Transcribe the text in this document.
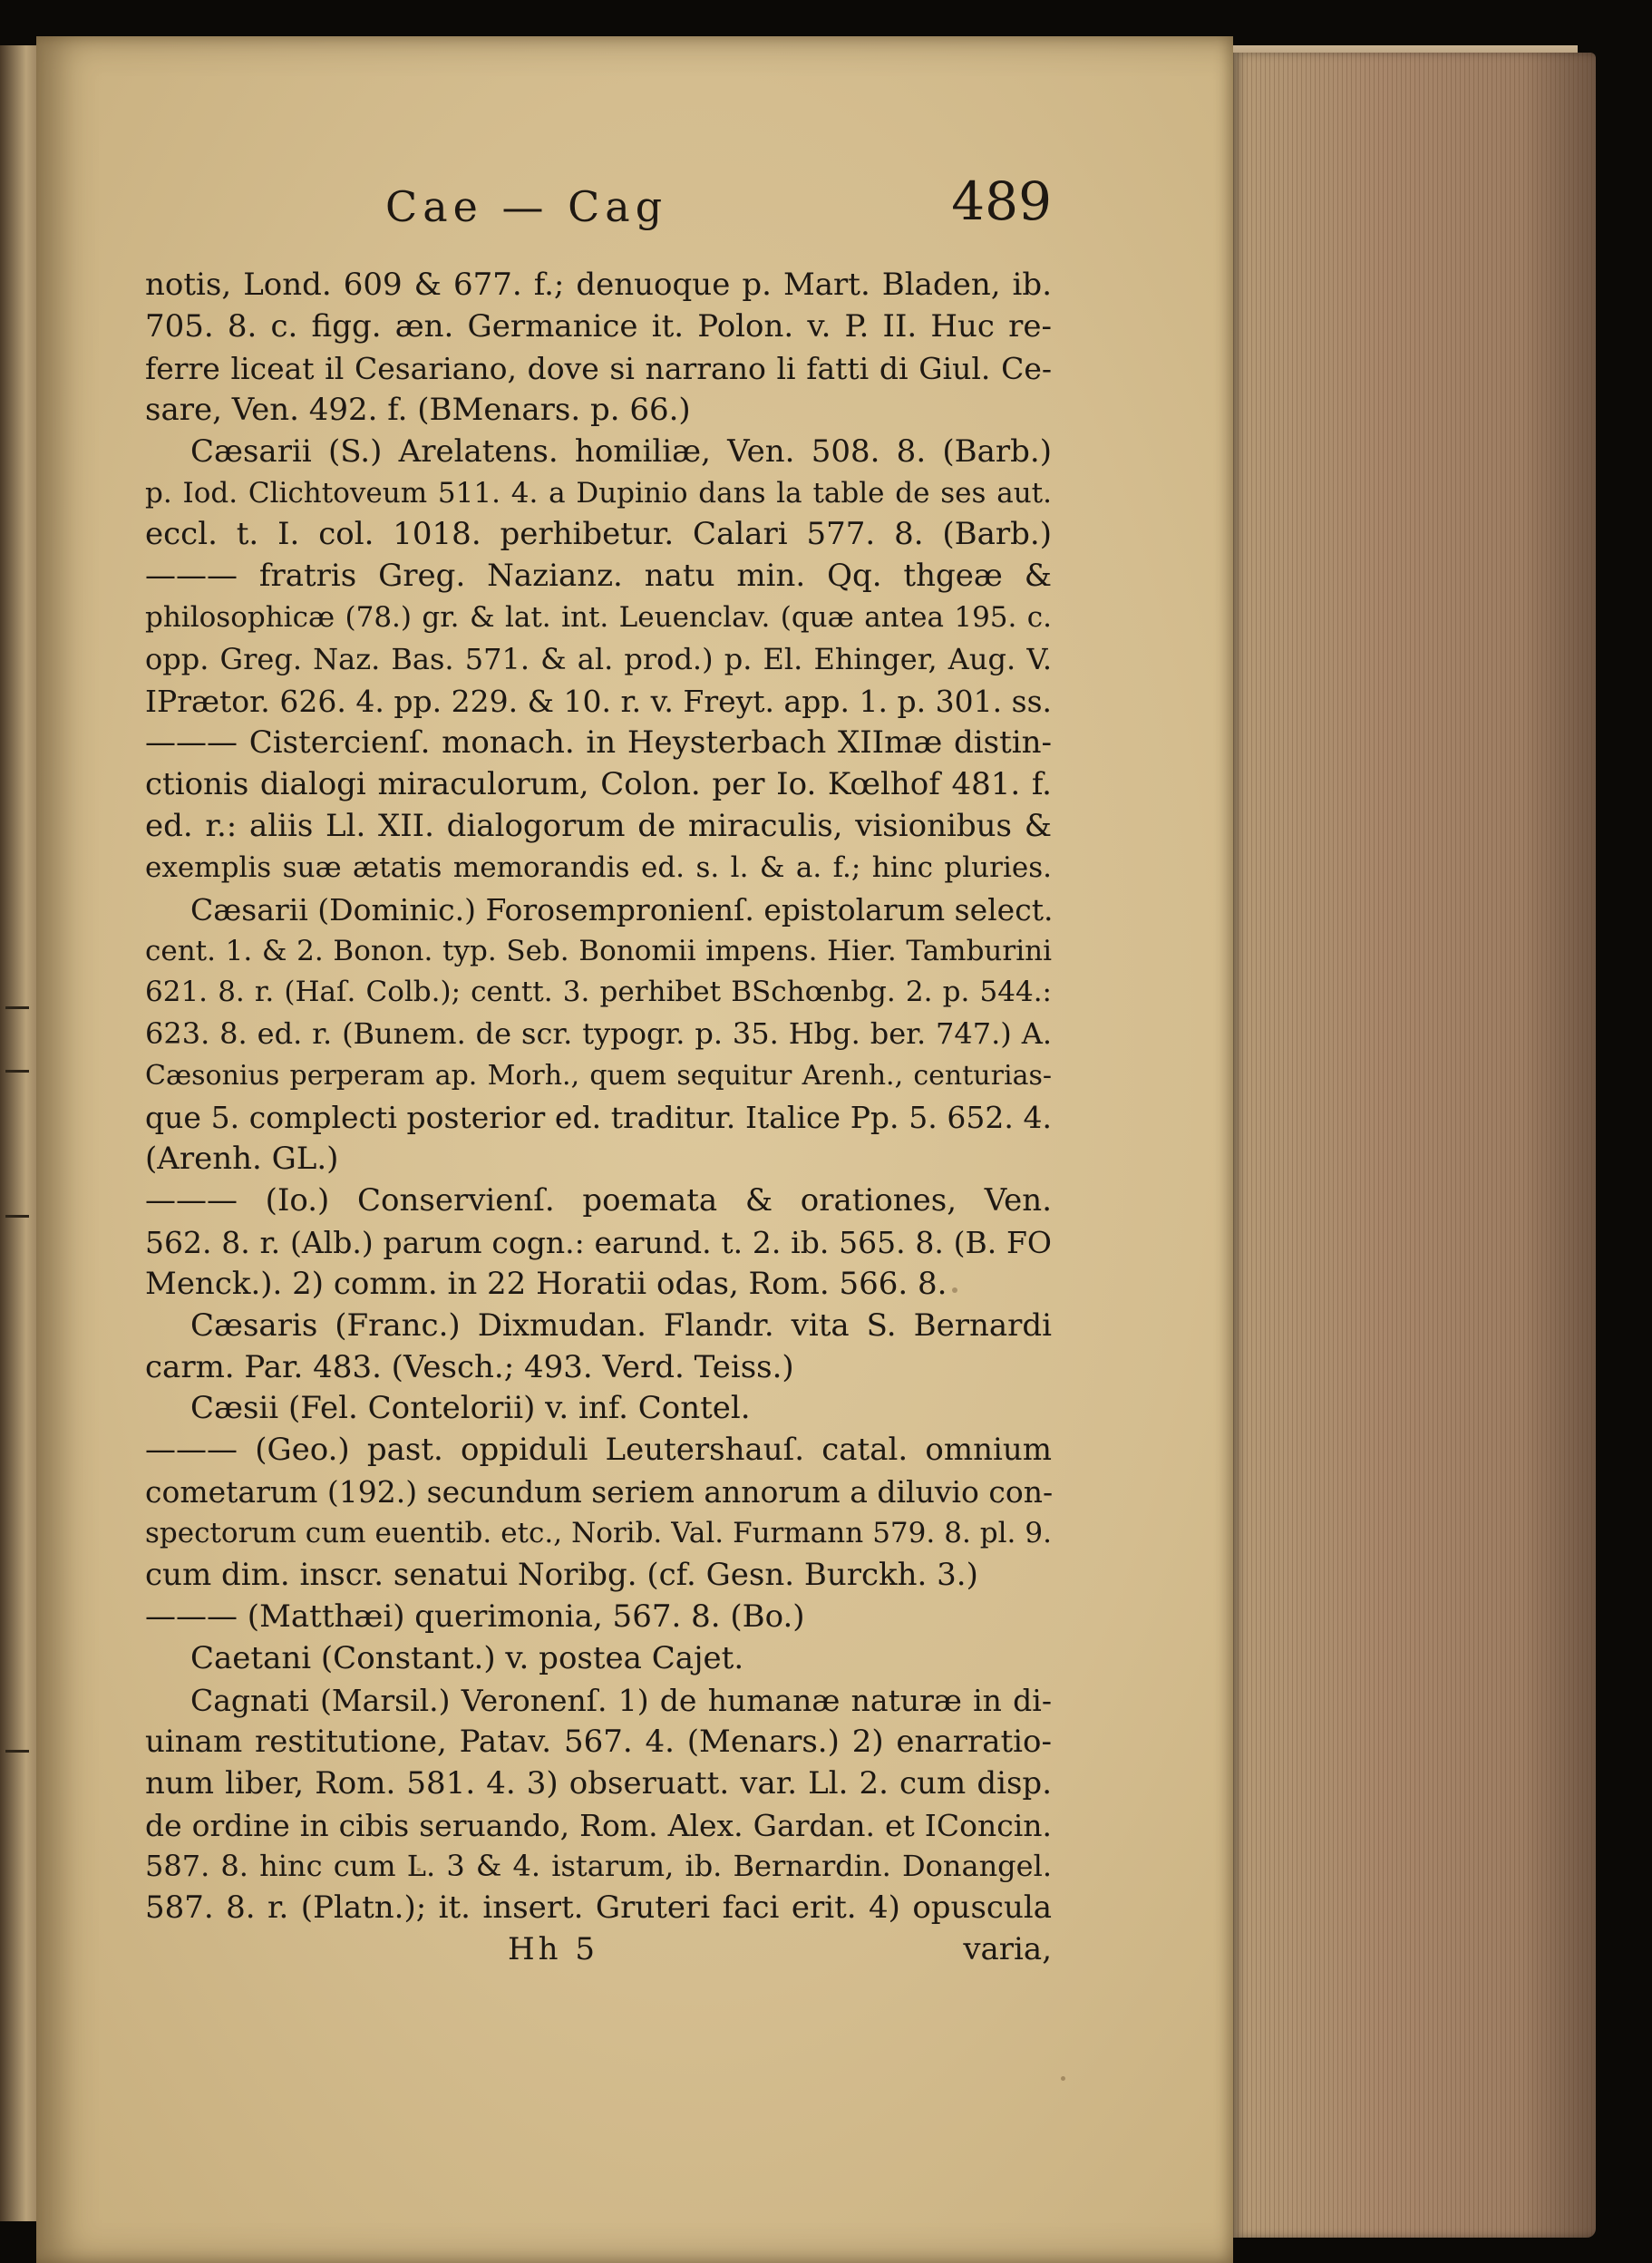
Cae — Cag	489
notis, Lond. 609 & 677. f.; denuoque p. Mart. Bladen, ib.
705. 8. c. figg. æn. Germanice it. Polon. v. P. II. Huc re-
ferre liceat il Cesariano, dove si narrano li fatti di Giul. Ce-
sare, Ven. 492. f. (BMenars. p. 66.)
Cæsarii (S.) Arelatens. homiliæ, Ven. 508. 8. (Barb.)
p. Iod. Clichtoveum 511. 4. a Dupinio dans la table de ses aut.
eccl. t. I. col. 1018. perhibetur. Calari 577. 8. (Barb.)
——— fratris Greg. Nazianz. natu min. Qq. thgeæ &
philosophicæ (78.) gr. & lat. int. Leuenclav. (quæ antea 195. c.
opp. Greg. Naz. Bas. 571. & al. prod.) p. El. Ehinger, Aug. V.
IPrætor. 626. 4. pp. 229. & 10. r. v. Freyt. app. 1. p. 301. ss.
——— Cistercienſ. monach. in Heysterbach XIImæ distin-
ctionis dialogi miraculorum, Colon. per Io. Kœlhof 481. f.
ed. r.: aliis Ll. XII. dialogorum de miraculis, visionibus &
exemplis suæ ætatis memorandis ed. s. l. & a. f.; hinc pluries.
Cæsarii (Dominic.) Forosempronienſ. epistolarum select.
cent. 1. & 2. Bonon. typ. Seb. Bonomii impens. Hier. Tamburini
621. 8. r. (Haſ. Colb.); centt. 3. perhibet BSchœnbg. 2. p. 544.:
623. 8. ed. r. (Bunem. de scr. typogr. p. 35. Hbg. ber. 747.) A.
Cæsonius perperam ap. Morh., quem sequitur Arenh., centurias-
que 5. complecti posterior ed. traditur. Italice Pp. 5. 652. 4.
(Arenh. GL.)
——— (Io.) Conservienſ. poemata & orationes, Ven.
562. 8. r. (Alb.) parum cogn.: earund. t. 2. ib. 565. 8. (B. FO
Menck.). 2) comm. in 22 Horatii odas, Rom. 566. 8.
Cæsaris (Franc.) Dixmudan. Flandr. vita S. Bernardi
carm. Par. 483. (Vesch.; 493. Verd. Teiss.)
Cæsii (Fel. Contelorii) v. inf. Contel.
——— (Geo.) past. oppiduli Leutershauſ. catal. omnium
cometarum (192.) secundum seriem annorum a diluvio con-
spectorum cum euentib. etc., Norib. Val. Furmann 579. 8. pl. 9.
cum dim. inscr. senatui Noribg. (cf. Gesn. Burckh. 3.)
——— (Matthæi) querimonia, 567. 8. (Bo.)
Caetani (Constant.) v. postea Cajet.
Cagnati (Marsil.) Veronenſ. 1) de humanæ naturæ in di-
uinam restitutione, Patav. 567. 4. (Menars.) 2) enarratio-
num liber, Rom. 581. 4. 3) obseruatt. var. Ll. 2. cum disp.
de ordine in cibis seruando, Rom. Alex. Gardan. et IConcin.
587. 8. hinc cum L. 3 & 4. istarum, ib. Bernardin. Donangel.
587. 8. r. (Platn.); it. insert. Gruteri faci erit. 4) opuscula
Hh 5	varia,
